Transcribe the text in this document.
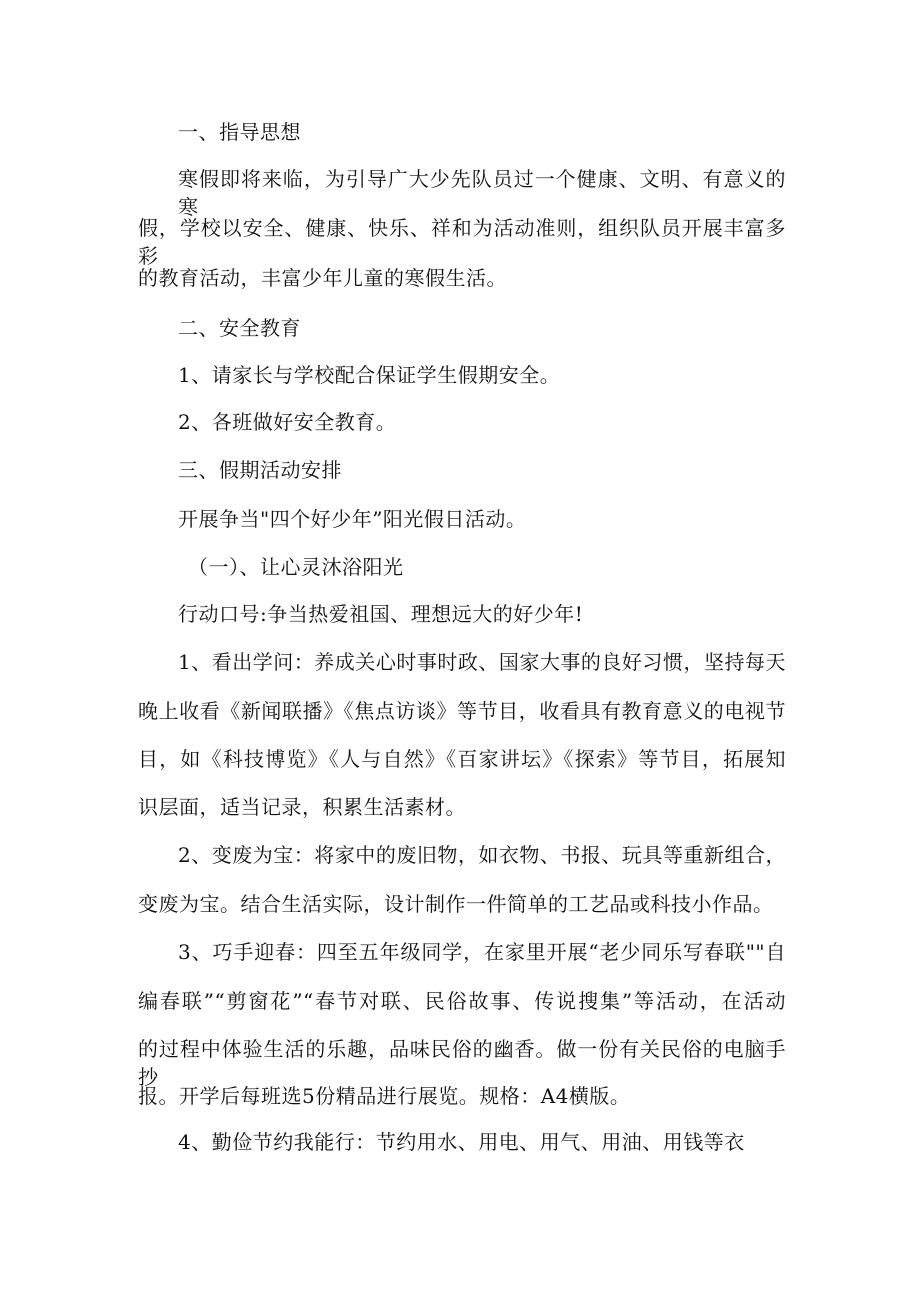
一、指导思想
寒假即将来临，为引导广大少先队员过一个健康、文明、有意义的寒
假，学校以安全、健康、快乐、祥和为活动准则，组织队员开展丰富多彩
的教育活动，丰富少年儿童的寒假生活。
二、安全教育
1、请家长与学校配合保证学生假期安全。
2、各班做好安全教育。
三、假期活动安排
开展争当"四个好少年”阳光假日活动。
（一）、让心灵沐浴阳光
行动口号:争当热爱祖国、理想远大的好少年!
1、看出学问：养成关心时事时政、国家大事的良好习惯，坚持每天
晚上收看《新闻联播》《焦点访谈》等节目，收看具有教育意义的电视节
目，如《科技博览》《人与自然》《百家讲坛》《探索》等节目，拓展知
识层面，适当记录，积累生活素材。
2、变废为宝：将家中的废旧物，如衣物、书报、玩具等重新组合，
变废为宝。结合生活实际，设计制作一件简单的工艺品或科技小作品。
3、巧手迎春：四至五年级同学，在家里开展“老少同乐写春联""自
编春联”“剪窗花”“春节对联、民俗故事、传说搜集”等活动，在活动
的过程中体验生活的乐趣，品味民俗的幽香。做一份有关民俗的电脑手抄
报。开学后每班选5份精品进行展览。规格：A4横版。
4、勤俭节约我能行：节约用水、用电、用气、用油、用钱等衣
